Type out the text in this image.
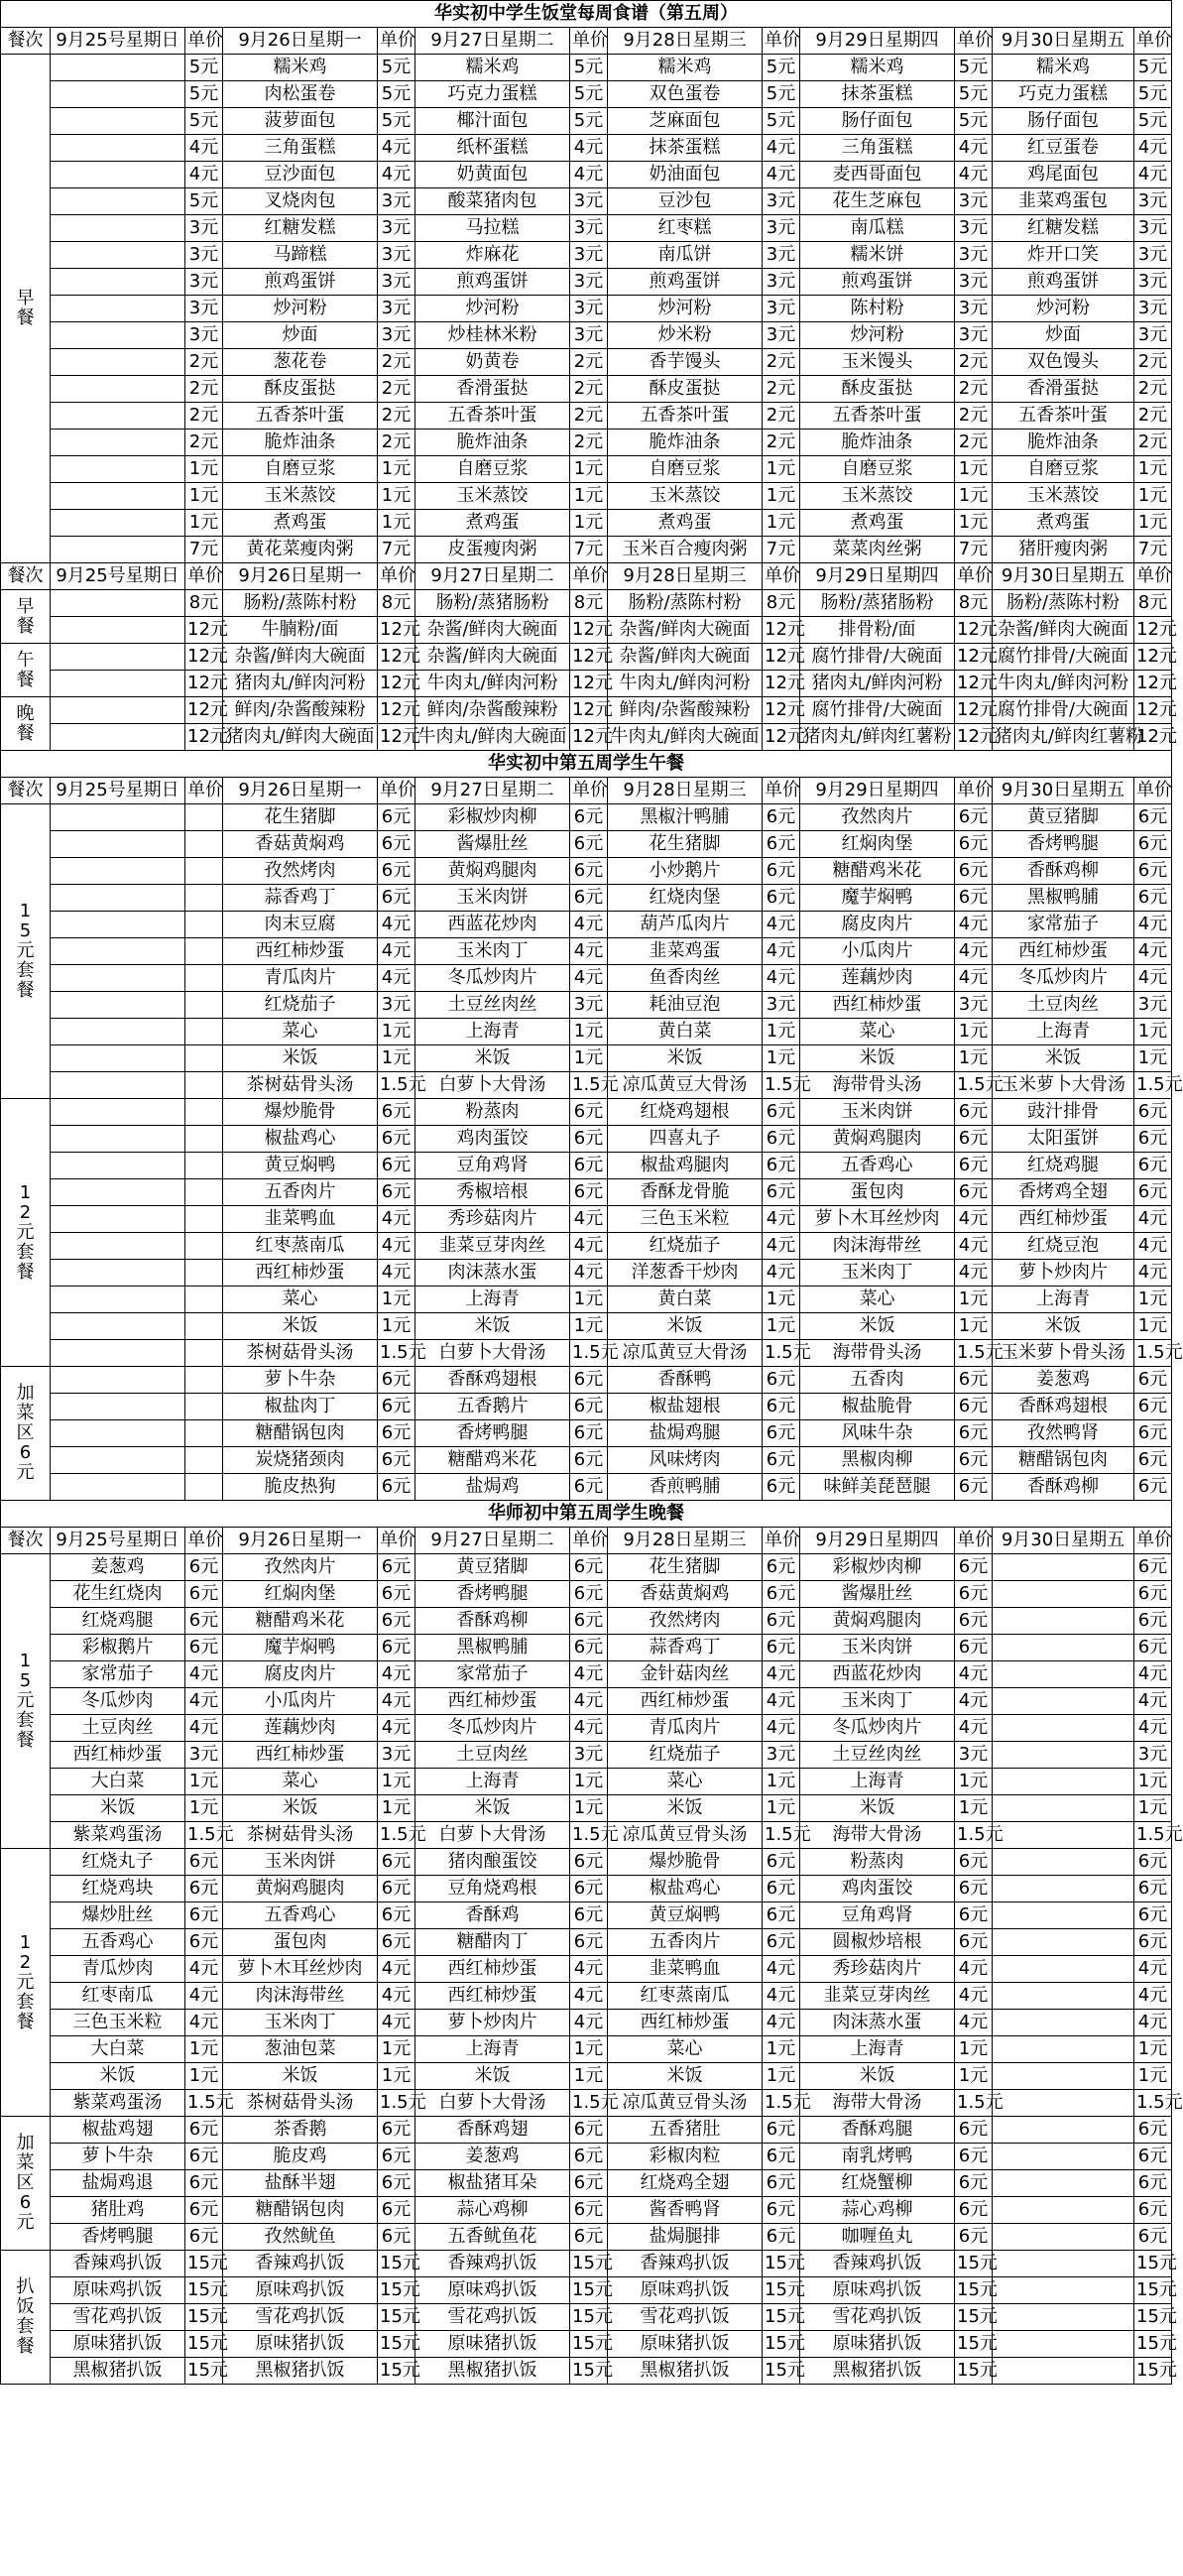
华实初中学生饭堂每周食谱（第五周）												
餐次	9月25号星期日	单价	9月26日星期一	单价	9月27日星期二	单价	9月28日星期三	单价	9月29日星期四	单价	9月30日星期五	单价
早餐		5元	糯米鸡	5元	糯米鸡	5元	糯米鸡	5元	糯米鸡	5元	糯米鸡	5元
		5元	肉松蛋卷	5元	巧克力蛋糕	5元	双色蛋卷	5元	抹茶蛋糕	5元	巧克力蛋糕	5元
		5元	菠萝面包	5元	椰汁面包	5元	芝麻面包	5元	肠仔面包	5元	肠仔面包	5元
		4元	三角蛋糕	4元	纸杯蛋糕	4元	抹茶蛋糕	4元	三角蛋糕	4元	红豆蛋卷	4元
		4元	豆沙面包	4元	奶黄面包	4元	奶油面包	4元	麦西哥面包	4元	鸡尾面包	4元
		5元	叉烧肉包	3元	酸菜猪肉包	3元	豆沙包	3元	花生芝麻包	3元	韭菜鸡蛋包	3元
		3元	红糖发糕	3元	马拉糕	3元	红枣糕	3元	南瓜糕	3元	红糖发糕	3元
		3元	马蹄糕	3元	炸麻花	3元	南瓜饼	3元	糯米饼	3元	炸开口笑	3元
		3元	煎鸡蛋饼	3元	煎鸡蛋饼	3元	煎鸡蛋饼	3元	煎鸡蛋饼	3元	煎鸡蛋饼	3元
		3元	炒河粉	3元	炒河粉	3元	炒河粉	3元	陈村粉	3元	炒河粉	3元
		3元	炒面	3元	炒桂林米粉	3元	炒米粉	3元	炒河粉	3元	炒面	3元
		2元	葱花卷	2元	奶黄卷	2元	香芋馒头	2元	玉米馒头	2元	双色馒头	2元
		2元	酥皮蛋挞	2元	香滑蛋挞	2元	酥皮蛋挞	2元	酥皮蛋挞	2元	香滑蛋挞	2元
		2元	五香茶叶蛋	2元	五香茶叶蛋	2元	五香茶叶蛋	2元	五香茶叶蛋	2元	五香茶叶蛋	2元
		2元	脆炸油条	2元	脆炸油条	2元	脆炸油条	2元	脆炸油条	2元	脆炸油条	2元
		1元	自磨豆浆	1元	自磨豆浆	1元	自磨豆浆	1元	自磨豆浆	1元	自磨豆浆	1元
		1元	玉米蒸饺	1元	玉米蒸饺	1元	玉米蒸饺	1元	玉米蒸饺	1元	玉米蒸饺	1元
		1元	煮鸡蛋	1元	煮鸡蛋	1元	煮鸡蛋	1元	煮鸡蛋	1元	煮鸡蛋	1元
		7元	黄花菜瘦肉粥	7元	皮蛋瘦肉粥	7元	玉米百合瘦肉粥	7元	菜菜肉丝粥	7元	猪肝瘦肉粥	7元
餐次	9月25号星期日	单价	9月26日星期一	单价	9月27日星期二	单价	9月28日星期三	单价	9月29日星期四	单价	9月30日星期五	单价
早餐		8元	肠粉/蒸陈村粉	8元	肠粉/蒸猪肠粉	8元	肠粉/蒸陈村粉	8元	肠粉/蒸猪肠粉	8元	肠粉/蒸陈村粉	8元
		12元	牛腩粉/面	12元	杂酱/鲜肉大碗面	12元	杂酱/鲜肉大碗面	12元	排骨粉/面	12元	杂酱/鲜肉大碗面	12元
午餐		12元	杂酱/鲜肉大碗面	12元	杂酱/鲜肉大碗面	12元	杂酱/鲜肉大碗面	12元	腐竹排骨/大碗面	12元	腐竹排骨/大碗面	12元
		12元	猪肉丸/鲜肉河粉	12元	牛肉丸/鲜肉河粉	12元	牛肉丸/鲜肉河粉	12元	猪肉丸/鲜肉河粉	12元	牛肉丸/鲜肉河粉	12元
晚餐		12元	鲜肉/杂酱酸辣粉	12元	鲜肉/杂酱酸辣粉	12元	鲜肉/杂酱酸辣粉	12元	腐竹排骨/大碗面	12元	腐竹排骨/大碗面	12元
		12元	猪肉丸/鲜肉大碗面	12元	牛肉丸/鲜肉大碗面	12元	牛肉丸/鲜肉大碗面	12元	猪肉丸/鲜肉红薯粉	12元	猪肉丸/鲜肉红薯粉	12元
华实初中第五周学生午餐												
餐次	9月25号星期日	单价	9月26日星期一	单价	9月27日星期二	单价	9月28日星期三	单价	9月29日星期四	单价	9月30日星期五	单价
15元套餐			花生猪脚	6元	彩椒炒肉柳	6元	黑椒汁鸭脯	6元	孜然肉片	6元	黄豆猪脚	6元
			香菇黄焖鸡	6元	酱爆肚丝	6元	花生猪脚	6元	红焖肉堡	6元	香烤鸭腿	6元
			孜然烤肉	6元	黄焖鸡腿肉	6元	小炒鹅片	6元	糖醋鸡米花	6元	香酥鸡柳	6元
			蒜香鸡丁	6元	玉米肉饼	6元	红烧肉堡	6元	魔芋焖鸭	6元	黑椒鸭脯	6元
			肉末豆腐	4元	西蓝花炒肉	4元	葫芦瓜肉片	4元	腐皮肉片	4元	家常茄子	4元
			西红柿炒蛋	4元	玉米肉丁	4元	韭菜鸡蛋	4元	小瓜肉片	4元	西红柿炒蛋	4元
			青瓜肉片	4元	冬瓜炒肉片	4元	鱼香肉丝	4元	莲藕炒肉	4元	冬瓜炒肉片	4元
			红烧茄子	3元	土豆丝肉丝	3元	耗油豆泡	3元	西红柿炒蛋	3元	土豆肉丝	3元
			菜心	1元	上海青	1元	黄白菜	1元	菜心	1元	上海青	1元
			米饭	1元	米饭	1元	米饭	1元	米饭	1元	米饭	1元
			茶树菇骨头汤	1.5元	白萝卜大骨汤	1.5元	凉瓜黄豆大骨汤	1.5元	海带骨头汤	1.5元	玉米萝卜大骨汤	1.5元
12元套餐			爆炒脆骨	6元	粉蒸肉	6元	红烧鸡翅根	6元	玉米肉饼	6元	豉汁排骨	6元
			椒盐鸡心	6元	鸡肉蛋饺	6元	四喜丸子	6元	黄焖鸡腿肉	6元	太阳蛋饼	6元
			黄豆焖鸭	6元	豆角鸡肾	6元	椒盐鸡腿肉	6元	五香鸡心	6元	红烧鸡腿	6元
			五香肉片	6元	秀椒培根	6元	香酥龙骨脆	6元	蛋包肉	6元	香烤鸡全翅	6元
			韭菜鸭血	4元	秀珍菇肉片	4元	三色玉米粒	4元	萝卜木耳丝炒肉	4元	西红柿炒蛋	4元
			红枣蒸南瓜	4元	韭菜豆芽肉丝	4元	红烧茄子	4元	肉沫海带丝	4元	红烧豆泡	4元
			西红柿炒蛋	4元	肉沫蒸水蛋	4元	洋葱香干炒肉	4元	玉米肉丁	4元	萝卜炒肉片	4元
			菜心	1元	上海青	1元	黄白菜	1元	菜心	1元	上海青	1元
			米饭	1元	米饭	1元	米饭	1元	米饭	1元	米饭	1元
			茶树菇骨头汤	1.5元	白萝卜大骨汤	1.5元	凉瓜黄豆大骨汤	1.5元	海带骨头汤	1.5元	玉米萝卜骨头汤	1.5元
加菜区6元			萝卜牛杂	6元	香酥鸡翅根	6元	香酥鸭	6元	五香肉	6元	姜葱鸡	6元
			椒盐肉丁	6元	五香鹅片	6元	椒盐翅根	6元	椒盐脆骨	6元	香酥鸡翅根	6元
			糖醋锅包肉	6元	香烤鸭腿	6元	盐焗鸡腿	6元	风味牛杂	6元	孜然鸭肾	6元
			炭烧猪颈肉	6元	糖醋鸡米花	6元	风味烤肉	6元	黑椒肉柳	6元	糖醋锅包肉	6元
			脆皮热狗	6元	盐焗鸡	6元	香煎鸭脯	6元	味鲜美琵琶腿	6元	香酥鸡柳	6元
华师初中第五周学生晚餐												
餐次	9月25号星期日	单价	9月26日星期一	单价	9月27日星期二	单价	9月28日星期三	单价	9月29日星期四	单价	9月30日星期五	单价
15元套餐	姜葱鸡	6元	孜然肉片	6元	黄豆猪脚	6元	花生猪脚	6元	彩椒炒肉柳	6元		6元
	花生红烧肉	6元	红焖肉堡	6元	香烤鸭腿	6元	香菇黄焖鸡	6元	酱爆肚丝	6元		6元
	红烧鸡腿	6元	糖醋鸡米花	6元	香酥鸡柳	6元	孜然烤肉	6元	黄焖鸡腿肉	6元		6元
	彩椒鹅片	6元	魔芋焖鸭	6元	黑椒鸭脯	6元	蒜香鸡丁	6元	玉米肉饼	6元		6元
	家常茄子	4元	腐皮肉片	4元	家常茄子	4元	金针菇肉丝	4元	西蓝花炒肉	4元		4元
	冬瓜炒肉	4元	小瓜肉片	4元	西红柿炒蛋	4元	西红柿炒蛋	4元	玉米肉丁	4元		4元
	土豆肉丝	4元	莲藕炒肉	4元	冬瓜炒肉片	4元	青瓜肉片	4元	冬瓜炒肉片	4元		4元
	西红柿炒蛋	3元	西红柿炒蛋	3元	土豆肉丝	3元	红烧茄子	3元	土豆丝肉丝	3元		3元
	大白菜	1元	菜心	1元	上海青	1元	菜心	1元	上海青	1元		1元
	米饭	1元	米饭	1元	米饭	1元	米饭	1元	米饭	1元		1元
	紫菜鸡蛋汤	1.5元	茶树菇骨头汤	1.5元	白萝卜大骨汤	1.5元	凉瓜黄豆骨头汤	1.5元	海带大骨汤	1.5元		1.5元
12元套餐	红烧丸子	6元	玉米肉饼	6元	猪肉酿蛋饺	6元	爆炒脆骨	6元	粉蒸肉	6元		6元
	红烧鸡块	6元	黄焖鸡腿肉	6元	豆角烧鸡根	6元	椒盐鸡心	6元	鸡肉蛋饺	6元		6元
	爆炒肚丝	6元	五香鸡心	6元	香酥鸡	6元	黄豆焖鸭	6元	豆角鸡肾	6元		6元
	五香鸡心	6元	蛋包肉	6元	糖醋肉丁	6元	五香肉片	6元	圆椒炒培根	6元		6元
	青瓜炒肉	4元	萝卜木耳丝炒肉	4元	西红柿炒蛋	4元	韭菜鸭血	4元	秀珍菇肉片	4元		4元
	红枣南瓜	4元	肉沫海带丝	4元	西红柿炒蛋	4元	红枣蒸南瓜	4元	韭菜豆芽肉丝	4元		4元
	三色玉米粒	4元	玉米肉丁	4元	萝卜炒肉片	4元	西红柿炒蛋	4元	肉沫蒸水蛋	4元		4元
	大白菜	1元	葱油包菜	1元	上海青	1元	菜心	1元	上海青	1元		1元
	米饭	1元	米饭	1元	米饭	1元	米饭	1元	米饭	1元		1元
	紫菜鸡蛋汤	1.5元	茶树菇骨头汤	1.5元	白萝卜大骨汤	1.5元	凉瓜黄豆骨头汤	1.5元	海带大骨汤	1.5元		1.5元
加菜区6元	椒盐鸡翅	6元	茶香鹅	6元	香酥鸡翅	6元	五香猪肚	6元	香酥鸡腿	6元		6元
	萝卜牛杂	6元	脆皮鸡	6元	姜葱鸡	6元	彩椒肉粒	6元	南乳烤鸭	6元		6元
	盐焗鸡退	6元	盐酥半翅	6元	椒盐猪耳朵	6元	红烧鸡全翅	6元	红烧蟹柳	6元		6元
	猪肚鸡	6元	糖醋锅包肉	6元	蒜心鸡柳	6元	酱香鸭肾	6元	蒜心鸡柳	6元		6元
	香烤鸭腿	6元	孜然鱿鱼	6元	五香鱿鱼花	6元	盐焗腿排	6元	咖喱鱼丸	6元		6元
扒饭套餐	香辣鸡扒饭	15元	香辣鸡扒饭	15元	香辣鸡扒饭	15元	香辣鸡扒饭	15元	香辣鸡扒饭	15元		15元
	原味鸡扒饭	15元	原味鸡扒饭	15元	原味鸡扒饭	15元	原味鸡扒饭	15元	原味鸡扒饭	15元		15元
	雪花鸡扒饭	15元	雪花鸡扒饭	15元	雪花鸡扒饭	15元	雪花鸡扒饭	15元	雪花鸡扒饭	15元		15元
	原味猪扒饭	15元	原味猪扒饭	15元	原味猪扒饭	15元	原味猪扒饭	15元	原味猪扒饭	15元		15元
	黑椒猪扒饭	15元	黑椒猪扒饭	15元	黑椒猪扒饭	15元	黑椒猪扒饭	15元	黑椒猪扒饭	15元		15元
